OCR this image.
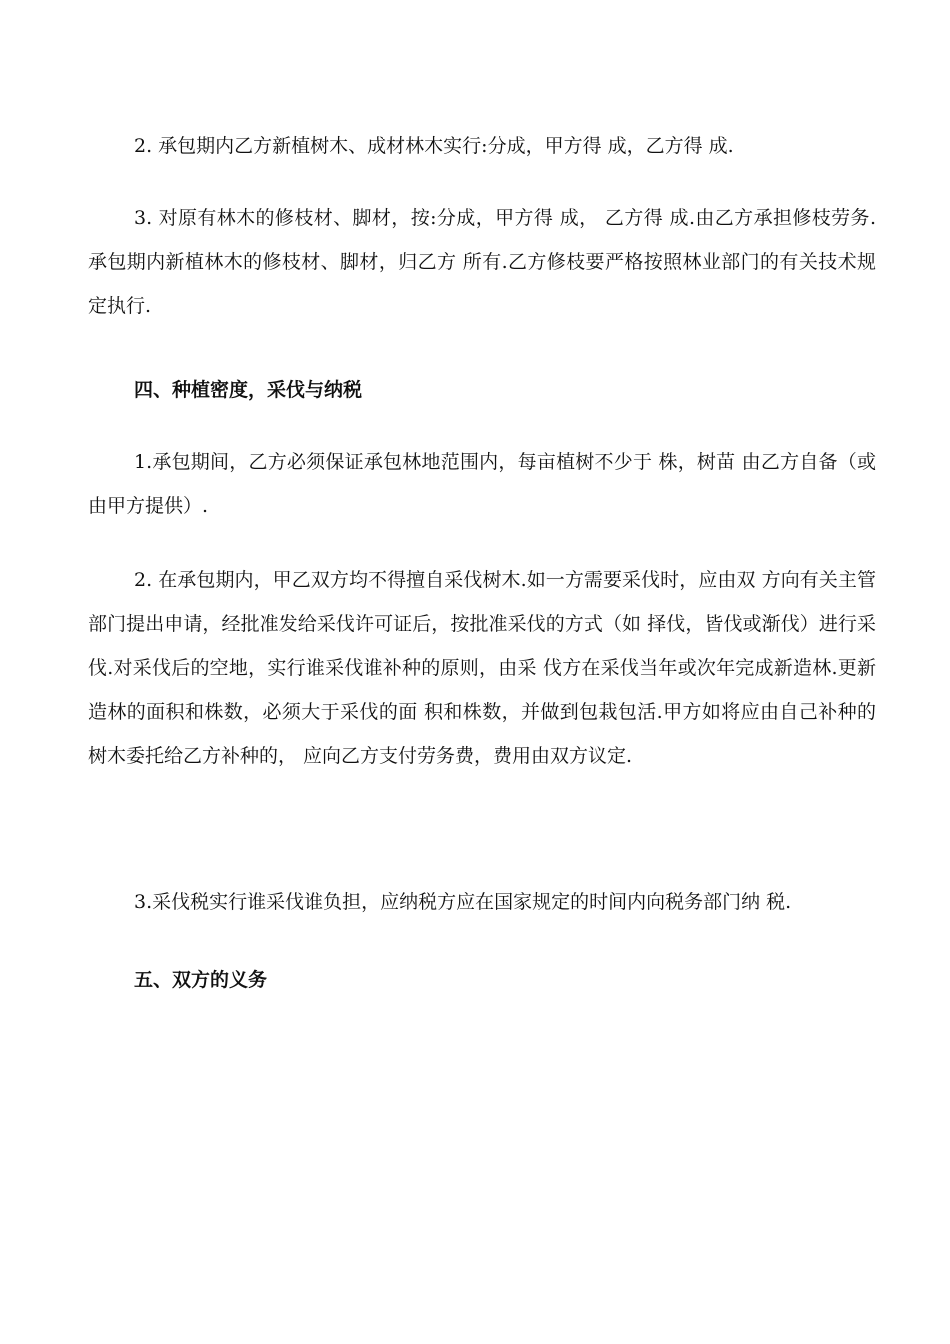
2. 承包期内乙方新植树木、成材林木实行:分成，甲方得 成，乙方得 成.

3. 对原有林木的修枝材、脚材，按:分成，甲方得 成， 乙方得 成.由乙方承担修枝劳务.承包期内新植林木的修枝材、脚材，归乙方 所有.乙方修枝要严格按照林业部门的有关技术规定执行.

四、种植密度，采伐与纳税

1.承包期间，乙方必须保证承包林地范围内，每亩植树不少于 株，树苗 由乙方自备（或由甲方提供）.

2. 在承包期内，甲乙双方均不得擅自采伐树木.如一方需要采伐时，应由双 方向有关主管部门提出申请，经批准发给采伐许可证后，按批准采伐的方式（如 择伐，皆伐或渐伐）进行采伐.对采伐后的空地，实行谁采伐谁补种的原则，由采 伐方在采伐当年或次年完成新造林.更新造林的面积和株数，必须大于采伐的面 积和株数，并做到包栽包活.甲方如将应由自己补种的树木委托给乙方补种的， 应向乙方支付劳务费，费用由双方议定.

3.采伐税实行谁采伐谁负担，应纳税方应在国家规定的时间内向税务部门纳 税.

五、双方的义务
